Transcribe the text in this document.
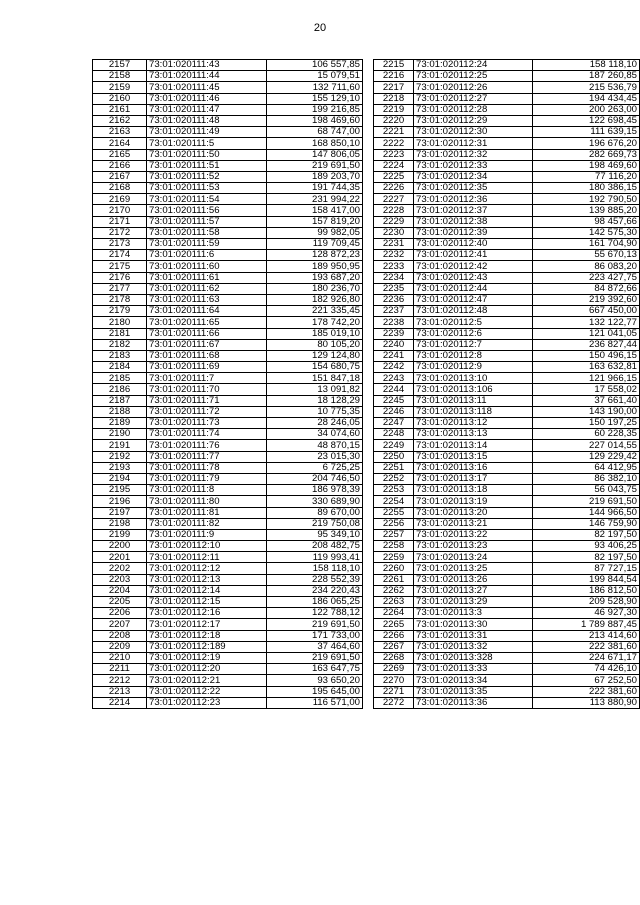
20
2157	73:01:020111:43	106 557,85
2158	73:01:020111:44	15 079,51
2159	73:01:020111:45	132 711,60
2160	73:01:020111:46	155 129,10
2161	73:01:020111:47	199 216,85
2162	73:01:020111:48	198 469,60
2163	73:01:020111:49	68 747,00
2164	73:01:020111:5	168 850,10
2165	73:01:020111:50	147 806,05
2166	73:01:020111:51	219 691,50
2167	73:01:020111:52	189 203,70
2168	73:01:020111:53	191 744,35
2169	73:01:020111:54	231 994,22
2170	73:01:020111:56	158 417,00
2171	73:01:020111:57	157 819,20
2172	73:01:020111:58	99 982,05
2173	73:01:020111:59	119 709,45
2174	73:01:020111:6	128 872,23
2175	73:01:020111:60	189 950,95
2176	73:01:020111:61	193 687,20
2177	73:01:020111:62	180 236,70
2178	73:01:020111:63	182 926,80
2179	73:01:020111:64	221 335,45
2180	73:01:020111:65	178 742,20
2181	73:01:020111:66	185 019,10
2182	73:01:020111:67	80 105,20
2183	73:01:020111:68	129 124,80
2184	73:01:020111:69	154 680,75
2185	73:01:020111:7	151 847,18
2186	73:01:020111:70	13 091,82
2187	73:01:020111:71	18 128,29
2188	73:01:020111:72	10 775,35
2189	73:01:020111:73	28 246,05
2190	73:01:020111:74	34 074,60
2191	73:01:020111:76	48 870,15
2192	73:01:020111:77	23 015,30
2193	73:01:020111:78	6 725,25
2194	73:01:020111:79	204 746,50
2195	73:01:020111:8	186 978,39
2196	73:01:020111:80	330 689,90
2197	73:01:020111:81	89 670,00
2198	73:01:020111:82	219 750,08
2199	73:01:020111:9	95 349,10
2200	73:01:020112:10	208 482,75
2201	73:01:020112:11	119 993,41
2202	73:01:020112:12	158 118,10
2203	73:01:020112:13	228 552,39
2204	73:01:020112:14	234 220,43
2205	73:01:020112:15	186 065,25
2206	73:01:020112:16	122 788,12
2207	73:01:020112:17	219 691,50
2208	73:01:020112:18	171 733,00
2209	73:01:020112:189	37 464,60
2210	73:01:020112:19	219 691,50
2211	73:01:020112:20	163 647,75
2212	73:01:020112:21	93 650,20
2213	73:01:020112:22	195 645,00
2214	73:01:020112:23	116 571,00
2215	73:01:020112:24	158 118,10
2216	73:01:020112:25	187 260,85
2217	73:01:020112:26	215 536,79
2218	73:01:020112:27	194 434,45
2219	73:01:020112:28	200 263,00
2220	73:01:020112:29	122 698,45
2221	73:01:020112:30	111 639,15
2222	73:01:020112:31	196 676,20
2223	73:01:020112:32	282 669,73
2224	73:01:020112:33	198 469,60
2225	73:01:020112:34	77 116,20
2226	73:01:020112:35	180 386,15
2227	73:01:020112:36	192 790,50
2228	73:01:020112:37	139 885,20
2229	73:01:020112:38	98 457,66
2230	73:01:020112:39	142 575,30
2231	73:01:020112:40	161 704,90
2232	73:01:020112:41	55 670,13
2233	73:01:020112:42	86 083,20
2234	73:01:020112:43	223 427,75
2235	73:01:020112:44	84 872,66
2236	73:01:020112:47	219 392,60
2237	73:01:020112:48	667 450,00
2238	73:01:020112:5	132 122,77
2239	73:01:020112:6	121 041,05
2240	73:01:020112:7	236 827,44
2241	73:01:020112:8	150 496,15
2242	73:01:020112:9	163 632,81
2243	73:01:020113:10	121 966,15
2244	73:01:020113:106	17 558,02
2245	73:01:020113:11	37 661,40
2246	73:01:020113:118	143 190,00
2247	73:01:020113:12	150 197,25
2248	73:01:020113:13	60 228,35
2249	73:01:020113:14	227 014,55
2250	73:01:020113:15	129 229,42
2251	73:01:020113:16	64 412,95
2252	73:01:020113:17	86 382,10
2253	73:01:020113:18	56 043,75
2254	73:01:020113:19	219 691,50
2255	73:01:020113:20	144 966,50
2256	73:01:020113:21	146 759,90
2257	73:01:020113:22	82 197,50
2258	73:01:020113:23	93 406,25
2259	73:01:020113:24	82 197,50
2260	73:01:020113:25	87 727,15
2261	73:01:020113:26	199 844,54
2262	73:01:020113:27	186 812,50
2263	73:01:020113:29	209 528,90
2264	73:01:020113:3	46 927,30
2265	73:01:020113:30	1 789 887,45
2266	73:01:020113:31	213 414,60
2267	73:01:020113:32	222 381,60
2268	73:01:020113:328	224 671,17
2269	73:01:020113:33	74 426,10
2270	73:01:020113:34	67 252,50
2271	73:01:020113:35	222 381,60
2272	73:01:020113:36	113 880,90
